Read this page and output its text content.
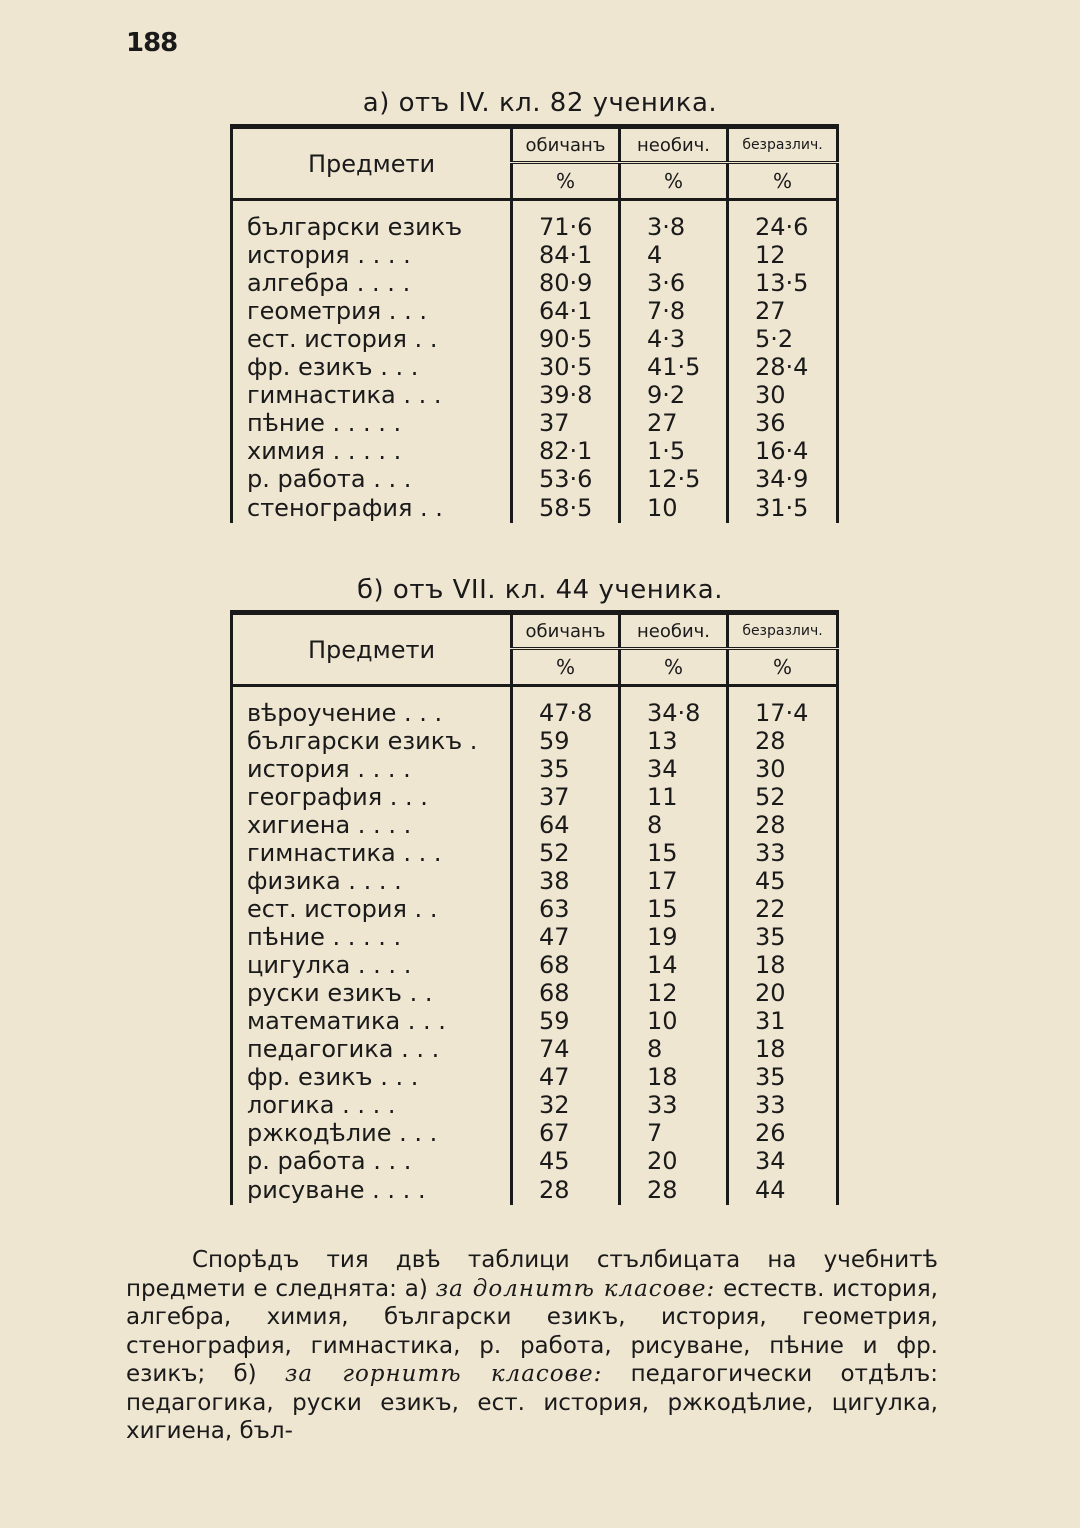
188
а) отъ IV. кл. 82 ученика.
Предмети	обичанъ	необич.	безразлич.
	%	%	%

български езикъ	71·6	3·8	24·6
история . . . .	84·1	4	12
алгебра . . . .	80·9	3·6	13·5
геометрия . . .	64·1	7·8	27
ест. история . .	90·5	4·3	5·2
фр. езикъ . . .	30·5	41·5	28·4
гимнастика . . .	39·8	9·2	30
пѣние . . . . .	37	27	36
химия . . . . .	82·1	1·5	16·4
р. работа . . .	53·6	12·5	34·9
стенография . .	58·5	10	31·5
б) отъ VII. кл. 44 ученика.
Предмети	обичанъ	необич.	безразлич.
	%	%	%

вѣроучение . . .	47·8	34·8	17·4
български езикъ .	59	13	28
история . . . .	35	34	30
география . . .	37	11	52
хигиена . . . .	64	8	28
гимнастика . . .	52	15	33
физика . . . .	38	17	45
ест. история . .	63	15	22
пѣние . . . . .	47	19	35
цигулка . . . .	68	14	18
руски езикъ . .	68	12	20
математика . . .	59	10	31
педагогика . . .	74	8	18
фр. езикъ . . .	47	18	35
логика . . . .	32	33	33
ржкодѣлие . . .	67	7	26
р. работа . . .	45	20	34
рисуване . . . .	28	28	44
Спорѣдъ тия двѣ таблици стълбицата на учебнитѣ предмети е следнята: а) за долнитѣ класове: естеств. история, алгебра, химия, български езикъ, история, геометрия, стенография, гимнастика, р. работа, рисуване, пѣние и фр. езикъ; б) за горнитѣ класове: педагогически отдѣлъ: педагогика, руски езикъ, ест. история, ржкодѣлие, цигулка, хигиена, бъл-
